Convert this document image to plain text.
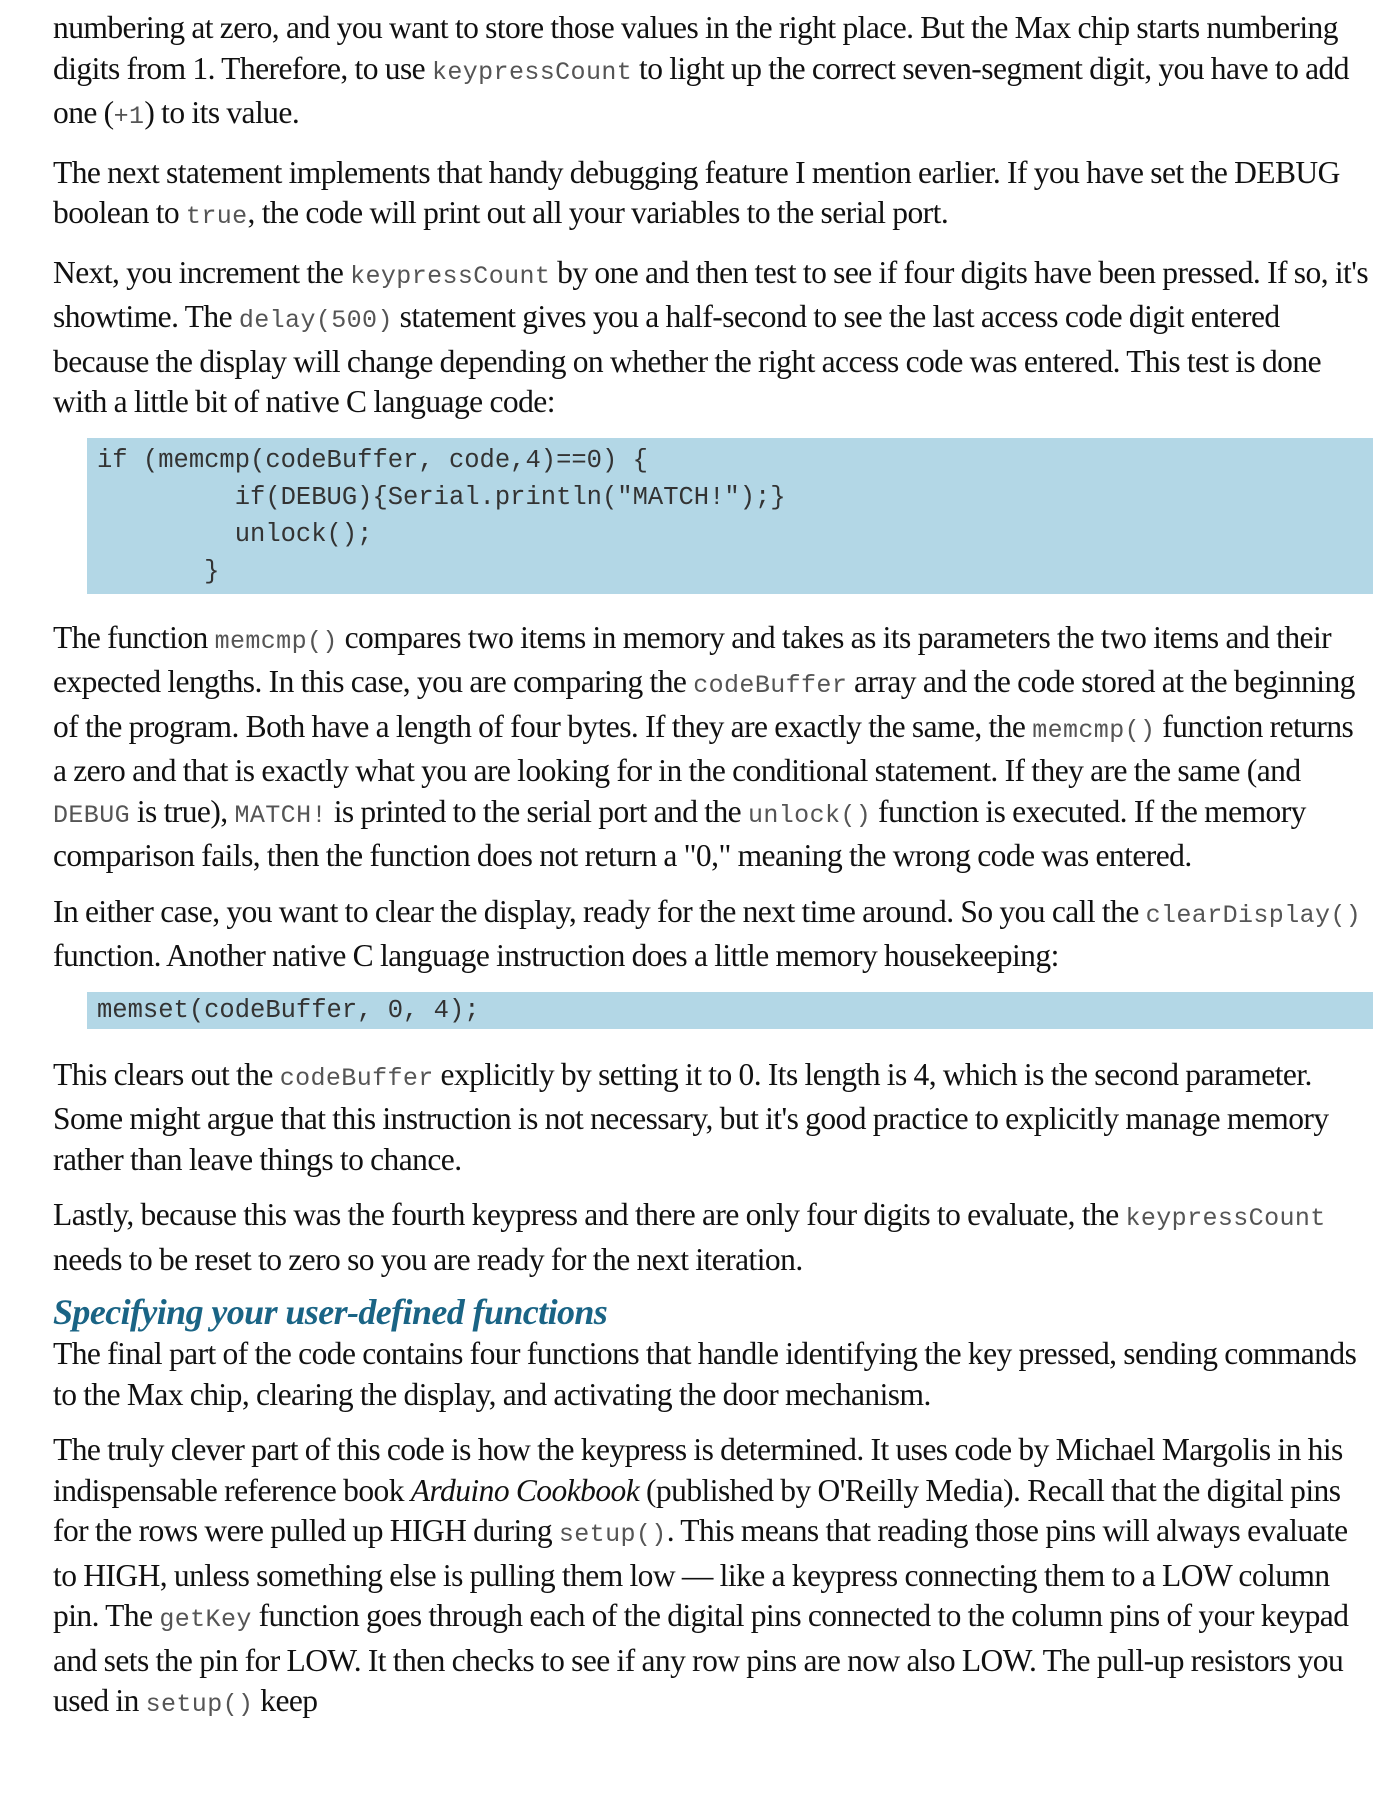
numbering at zero, and you want to store those values in the right place. But the Max chip starts numbering digits from 1. Therefore, to use keypressCount to light up the correct seven-segment digit, you have to add one (+1) to its value.

The next statement implements that handy debugging feature I mention earlier. If you have set the DEBUG boolean to true, the code will print out all your variables to the serial port.

Next, you increment the keypressCount by one and then test to see if four digits have been pressed. If so, it's showtime. The delay(500) statement gives you a half-second to see the last access code digit entered because the display will change depending on whether the right access code was entered. This test is done with a little bit of native C language code:

if (memcmp(codeBuffer, code,4)==0) {
if(DEBUG){Serial.println("MATCH!");}
unlock();
}

The function memcmp() compares two items in memory and takes as its parameters the two items and their expected lengths. In this case, you are comparing the codeBuffer array and the code stored at the beginning of the program. Both have a length of four bytes. If they are exactly the same, the memcmp() function returns a zero and that is exactly what you are looking for in the conditional statement. If they are the same (and DEBUG is true), MATCH! is printed to the serial port and the unlock() function is executed. If the memory comparison fails, then the function does not return a "0," meaning the wrong code was entered.

In either case, you want to clear the display, ready for the next time around. So you call the clearDisplay() function. Another native C language instruction does a little memory housekeeping:

memset(codeBuffer, 0, 4);

This clears out the codeBuffer explicitly by setting it to 0. Its length is 4, which is the second parameter. Some might argue that this instruction is not necessary, but it's good practice to explicitly manage memory rather than leave things to chance.

Lastly, because this was the fourth keypress and there are only four digits to evaluate, the keypressCount needs to be reset to zero so you are ready for the next iteration.

Specifying your user-defined functions

The final part of the code contains four functions that handle identifying the key pressed, sending commands to the Max chip, clearing the display, and activating the door mechanism.

The truly clever part of this code is how the keypress is determined. It uses code by Michael Margolis in his indispensable reference book Arduino Cookbook (published by O'Reilly Media). Recall that the digital pins for the rows were pulled up HIGH during setup(). This means that reading those pins will always evaluate to HIGH, unless something else is pulling them low — like a keypress connecting them to a LOW column pin. The getKey function goes through each of the digital pins connected to the column pins of your keypad and sets the pin for LOW. It then checks to see if any row pins are now also LOW. The pull-up resistors you used in setup() keep
